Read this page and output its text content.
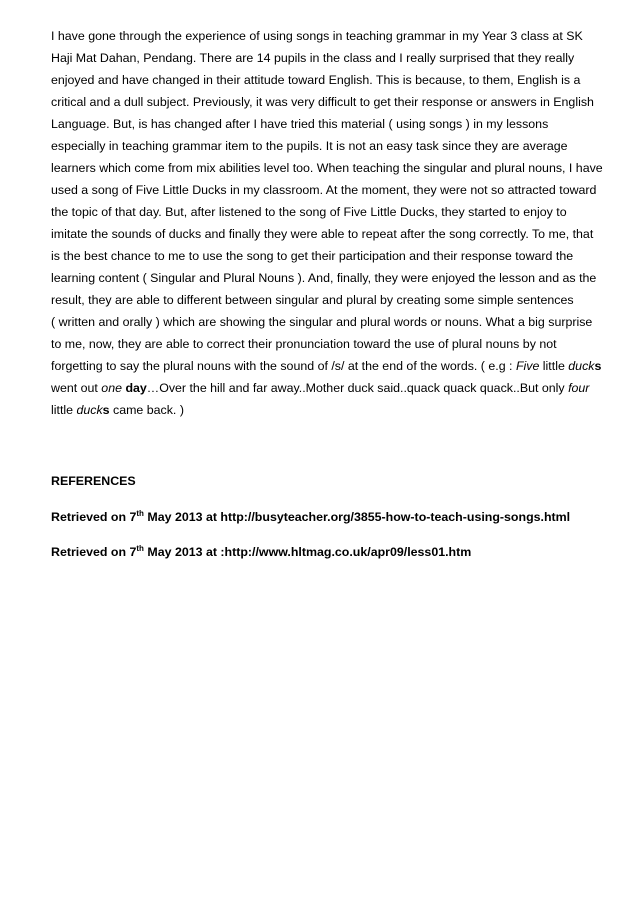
I have gone through the experience of using songs in teaching grammar in my Year 3 class at SK
Haji Mat Dahan, Pendang. There are 14 pupils in the class and I really surprised that they really
enjoyed and have changed in their attitude toward English. This is because, to them, English is a
critical and a dull subject. Previously, it was very difficult to get their response or answers in English
Language. But, is has changed after I have tried this material ( using songs ) in my lessons
especially in teaching grammar item to the pupils. It is not an easy task since they are average
learners which come from mix abilities level too. When teaching the singular and plural nouns, I have
used a song of Five Little Ducks in my classroom. At the moment, they were not so attracted toward
the topic of that day. But, after listened to the song of Five Little Ducks, they started to enjoy to
imitate the sounds of ducks and finally they were able to repeat after the song correctly. To me, that
is the best chance to me to use the song to get their participation and their response toward the
learning content ( Singular and Plural Nouns ). And, finally, they were enjoyed the lesson and as the
result, they are able to different between singular and plural by creating some simple sentences
( written and orally ) which are showing the singular and plural words or nouns. What a big surprise
to me, now, they are able to correct their pronunciation toward the use of plural nouns by not
forgetting to say the plural nouns with the sound of /s/ at the end of the words. ( e.g : Five little ducks
went out one day…Over the hill and far away..Mother duck said..quack quack quack..But only four
little ducks came back. )

REFERENCES

Retrieved on 7th May 2013 at http://busyteacher.org/3855-how-to-teach-using-songs.html

Retrieved on 7th May 2013 at :http://www.hltmag.co.uk/apr09/less01.htm
